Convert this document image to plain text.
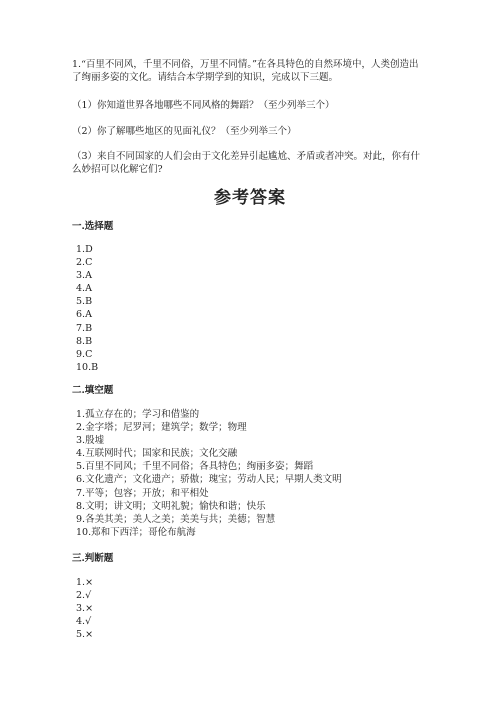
1.“百里不同风，千里不同俗，万里不同情。”在各具特色的自然环境中，人类创造出了绚丽多姿的文化。请结合本学期学到的知识，完成以下三题。
（1）你知道世界各地哪些不同风格的舞蹈？（至少列举三个）
（2）你了解哪些地区的见面礼仪？（至少列举三个）
（3）来自不同国家的人们会由于文化差异引起尴尬、矛盾或者冲突。对此，你有什么妙招可以化解它们?
参考答案
一.选择题
1.D
2.C
3.A
4.A
5.B
6.A
7.B
8.B
9.C
10.B
二.填空题
1.孤立存在的；学习和借鉴的
2.金字塔；尼罗河；建筑学；数学；物理
3.殷墟
4.互联网时代；国家和民族；文化交融
5.百里不同风；千里不同俗；各具特色；绚丽多姿；舞蹈
6.文化遗产；文化遗产；骄傲；瑰宝；劳动人民；早期人类文明
7.平等；包容；开放；和平相处
8.文明；讲文明；文明礼貌；愉快和谐；快乐
9.各美其美；美人之美；美美与共；美德；智慧
10.郑和下西洋；哥伦布航海
三.判断题
1.×
2.√
3.×
4.√
5.×
